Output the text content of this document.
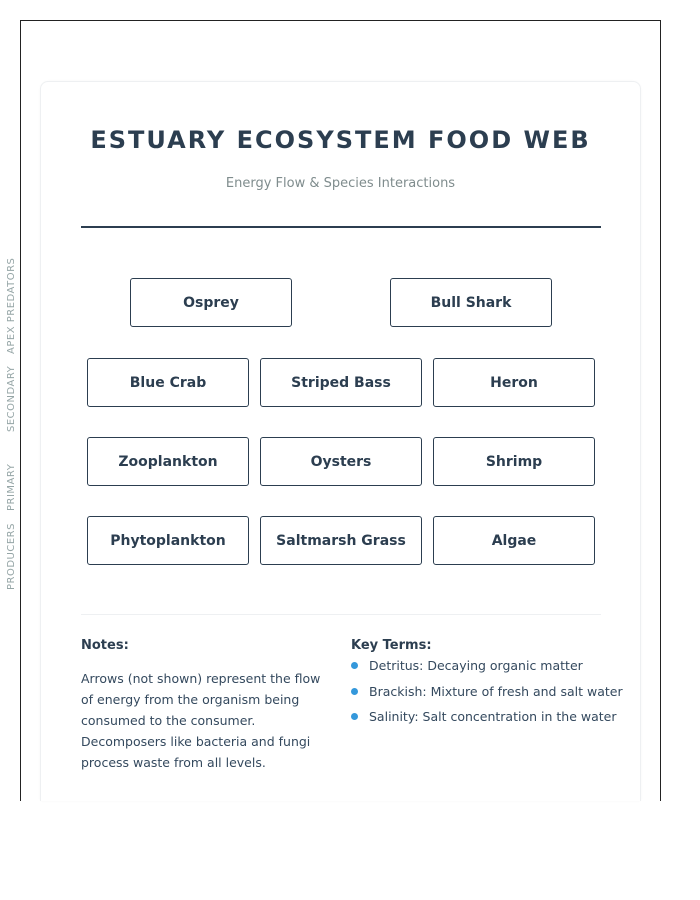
ESTUARY ECOSYSTEM FOOD WEB
Energy Flow & Species Interactions
APEX PREDATORS
SECONDARY
PRIMARY
PRODUCERS
Osprey	Bull Shark
Blue Crab	Striped Bass	Heron
Zooplankton	Oysters	Shrimp
Phytoplankton	Saltmarsh Grass	Algae
Notes:
Arrows (not shown) represent the flow of energy from the organism being consumed to the consumer. Decomposers like bacteria and fungi process waste from all levels.
Key Terms:
Detritus: Decaying organic matter
Brackish: Mixture of fresh and salt water
Salinity: Salt concentration in the water
